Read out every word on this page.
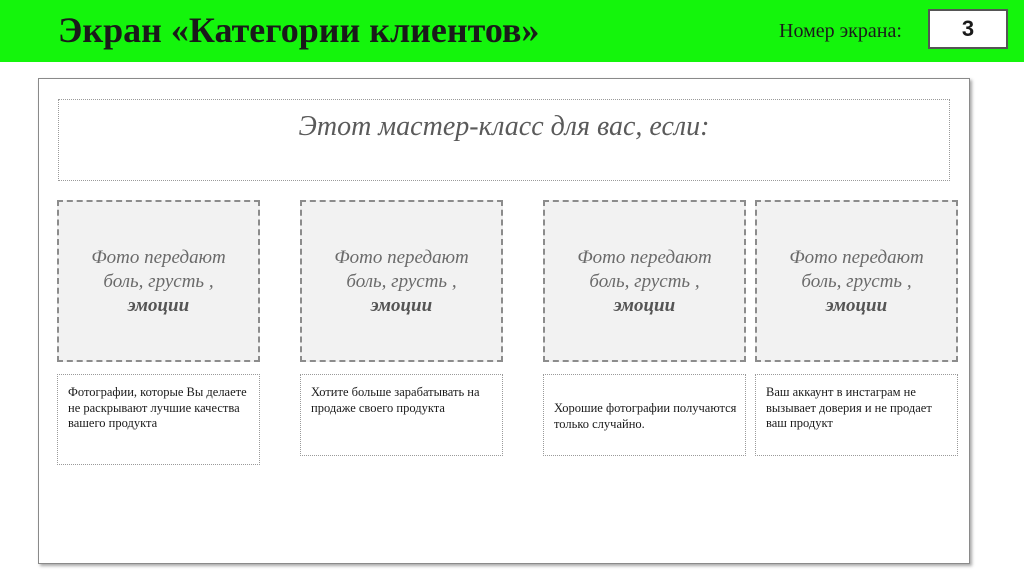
Экран «Категории клиентов»	Номер экрана:	3
Этот мастер-класс для вас, если:
Фото передают
боль, грусть ,
эмоции
Фотографии, которые Вы делаете не раскрывают лучшие качества вашего продукта
Фото передают
боль, грусть ,
эмоции
Хотите больше зарабатывать на продаже своего продукта
Фото передают
боль, грусть ,
эмоции
Хорошие фотографии получаются только случайно.
Фото передают
боль, грусть ,
эмоции
Ваш аккаунт в инстаграм не вызывает доверия и не продает ваш продукт
